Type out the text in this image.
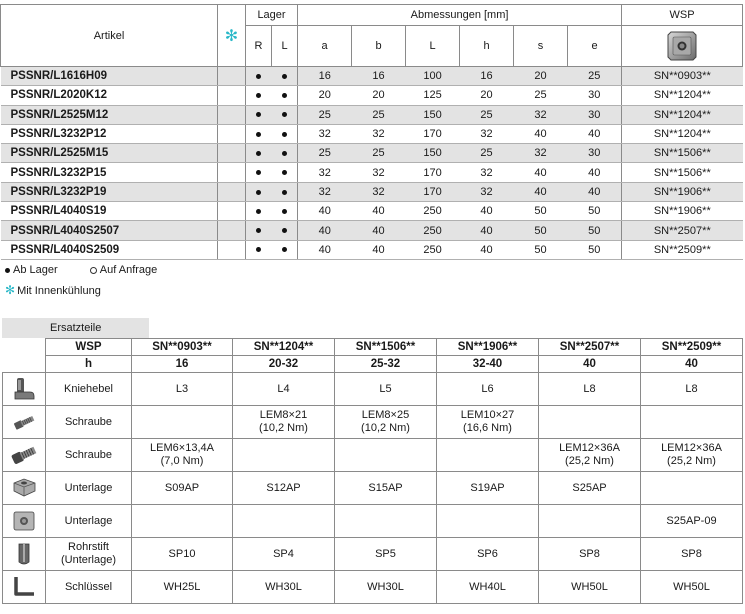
Artikel	✻	Lager		Abmessungen [mm]						WSP
		R	L	a	b	L	h	s	e	

PSSNR/L1616H09				16	16	100	16	20	25	SN**0903**
PSSNR/L2020K12				20	20	125	20	25	30	SN**1204**
PSSNR/L2525M12				25	25	150	25	32	30	SN**1204**
PSSNR/L3232P12				32	32	170	32	40	40	SN**1204**
PSSNR/L2525M15				25	25	150	25	32	30	SN**1506**
PSSNR/L3232P15				32	32	170	32	40	40	SN**1506**
PSSNR/L3232P19				32	32	170	32	40	40	SN**1906**
PSSNR/L4040S19				40	40	250	40	50	50	SN**1906**
PSSNR/L4040S2507				40	40	250	40	50	50	SN**2507**
PSSNR/L4040S2509				40	40	250	40	50	50	SN**2509**
Ab Lager	Auf Anfrage
✻ Mit Innenkühlung
Ersatzteile
	WSP	SN**0903**	SN**1204**	SN**1506**	SN**1906**	SN**2507**	SN**2509**
	h	16	20-32	25-32	32-40	40	40

	Kniehebel	L3	L4	L5	L6	L8	L8

	Schraube		LEM8×21
(10,2 Nm)	LEM8×25
(10,2 Nm)	LEM10×27
(16,6 Nm)		

	Schraube	LEM6×13,4A
(7,0 Nm)				LEM12×36A
(25,2 Nm)	LEM12×36A
(25,2 Nm)

	Unterlage	S09AP	S12AP	S15AP	S19AP	S25AP	

	Unterlage						S25AP-09

	Rohrstift
(Unterlage)	SP10	SP4	SP5	SP6	SP8	SP8

	Schlüssel	WH25L	WH30L	WH30L	WH40L	WH50L	WH50L
